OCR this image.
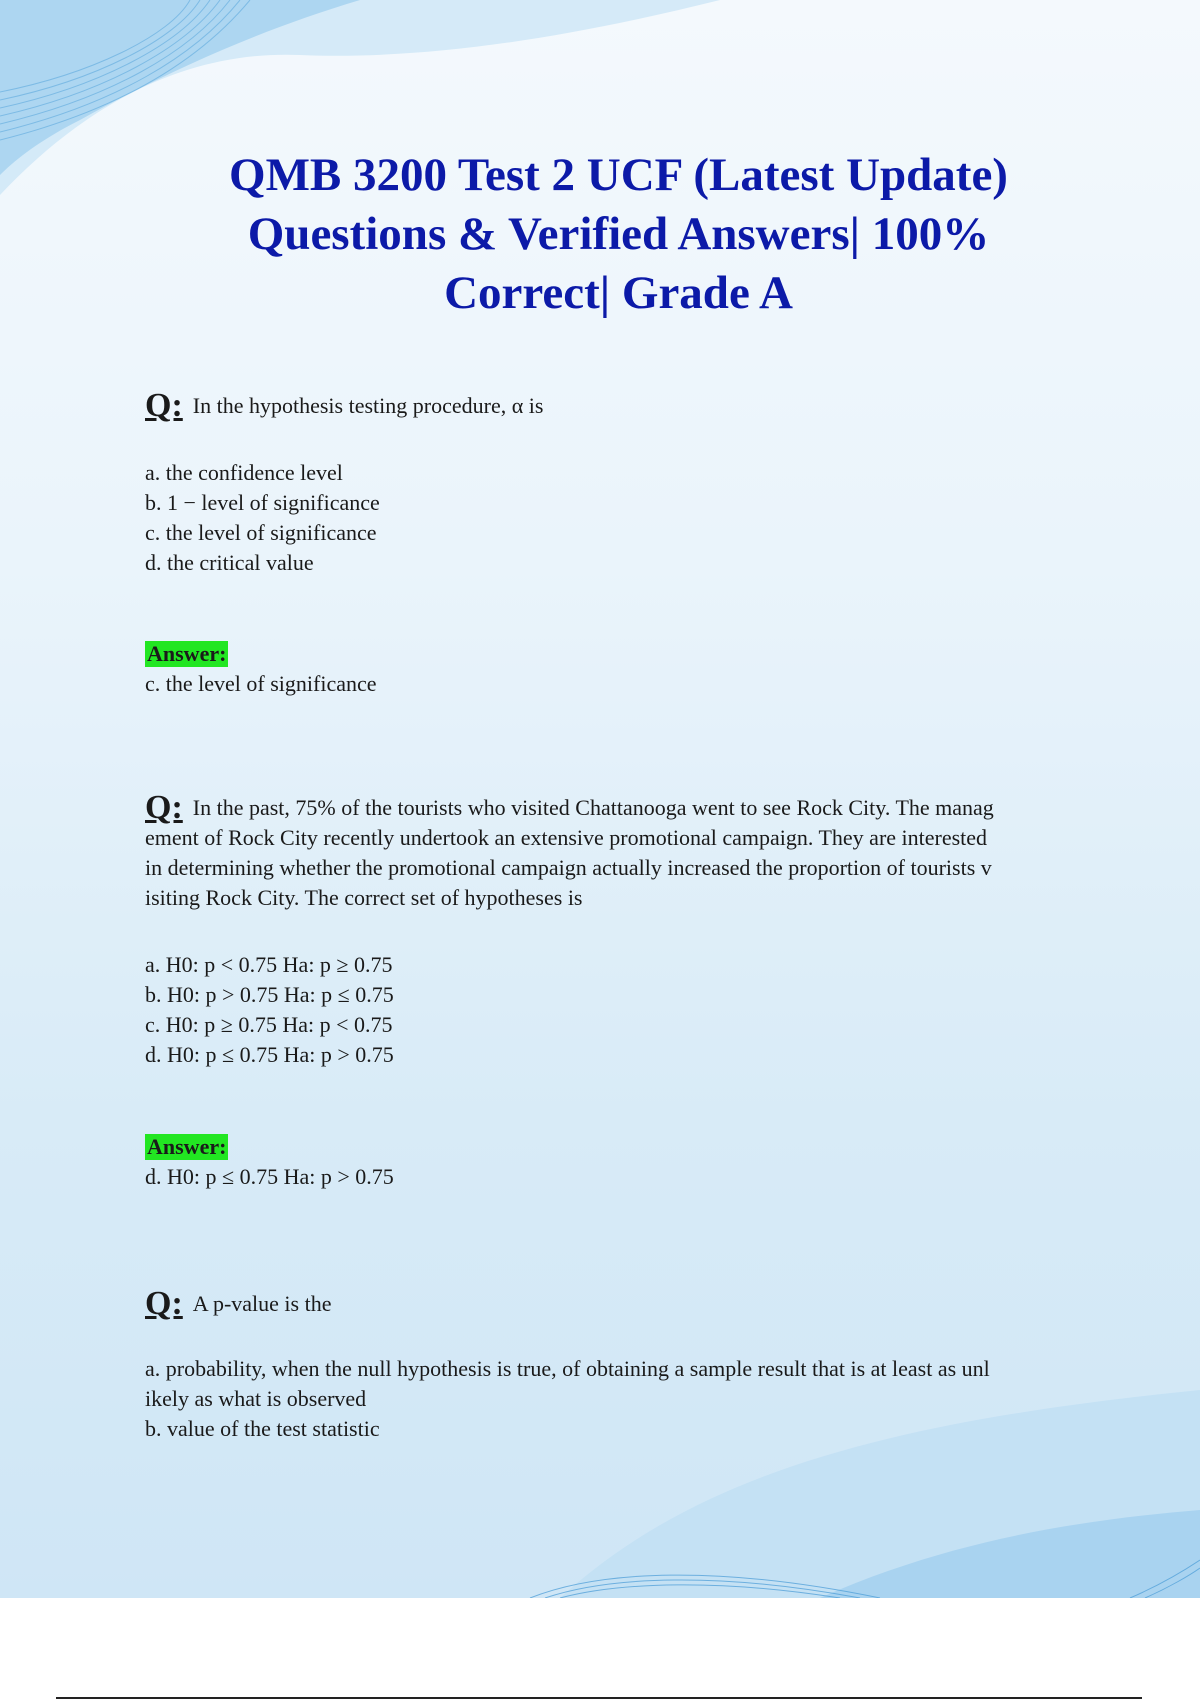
QMB 3200 Test 2 UCF (Latest Update)
Questions & Verified Answers| 100%
Correct| Grade A

Q: In the hypothesis testing procedure, α is

a. the confidence level

b. 1 − level of significance

c. the level of significance

d. the critical value

Answer:

c. the level of significance

Q: In the past, 75% of the tourists who visited Chattanooga went to see Rock City. The manag

ement of Rock City recently undertook an extensive promotional campaign. They are interested

in determining whether the promotional campaign actually increased the proportion of tourists v

isiting Rock City. The correct set of hypotheses is

a. H0: p < 0.75 Ha: p ≥ 0.75

b. H0: p > 0.75 Ha: p ≤ 0.75

c. H0: p ≥ 0.75 Ha: p < 0.75

d. H0: p ≤ 0.75 Ha: p > 0.75

Answer:

d. H0: p ≤ 0.75 Ha: p > 0.75

Q: A p-value is the

a. probability, when the null hypothesis is true, of obtaining a sample result that is at least as unl

ikely as what is observed

b. value of the test statistic
